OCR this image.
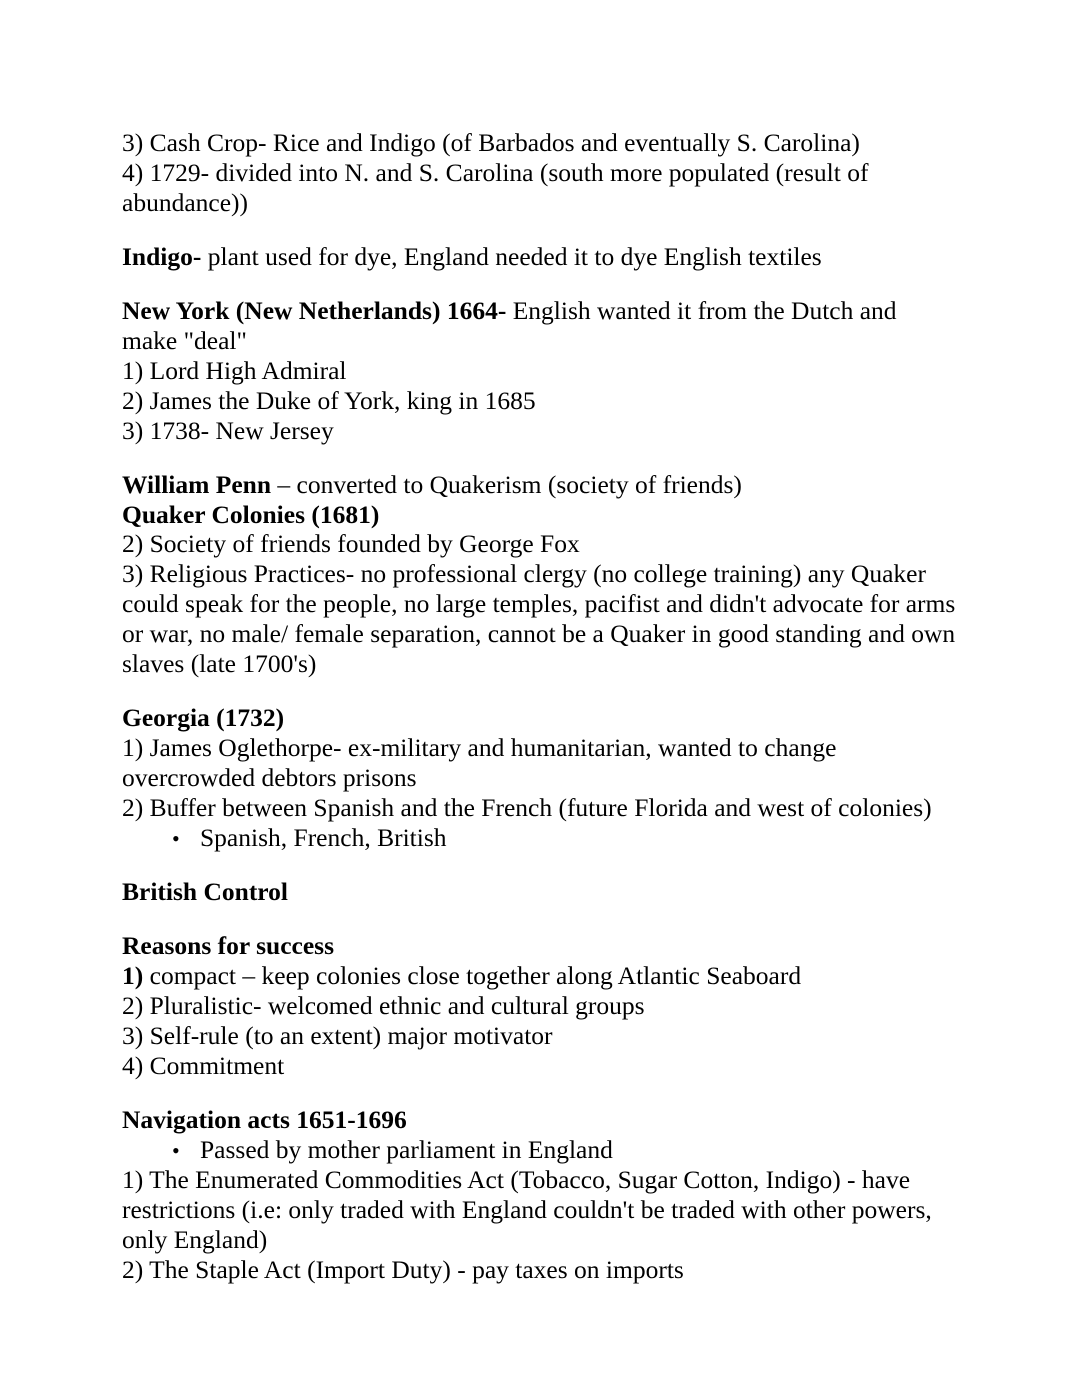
3) Cash Crop- Rice and Indigo (of Barbados and eventually S. Carolina)

4) 1729- divided into N. and S. Carolina (south more populated (result of abundance))

Indigo- plant used for dye, England needed it to dye English textiles

New York (New Netherlands) 1664- English wanted it from the Dutch and make "deal"

1) Lord High Admiral

2) James the Duke of York, king in 1685

3) 1738- New Jersey

William Penn – converted to Quakerism (society of friends)

Quaker Colonies (1681)

2) Society of friends founded by George Fox

3) Religious Practices- no professional clergy (no college training) any Quaker could speak for the people, no large temples, pacifist and didn't advocate for arms or war, no male/ female separation, cannot be a Quaker in good standing and own slaves (late 1700's)

Georgia (1732)

1) James Oglethorpe- ex-military and humanitarian, wanted to change overcrowded debtors prisons

2) Buffer between Spanish and the French (future Florida and west of colonies)

• Spanish, French, British

British Control

Reasons for success

1) compact – keep colonies close together along Atlantic Seaboard

2) Pluralistic- welcomed ethnic and cultural groups

3) Self-rule (to an extent) major motivator

4) Commitment

Navigation acts 1651-1696

• Passed by mother parliament in England

1) The Enumerated Commodities Act (Tobacco, Sugar Cotton, Indigo) - have restrictions (i.e: only traded with England couldn't be traded with other powers, only England)

2) The Staple Act (Import Duty) - pay taxes on imports
